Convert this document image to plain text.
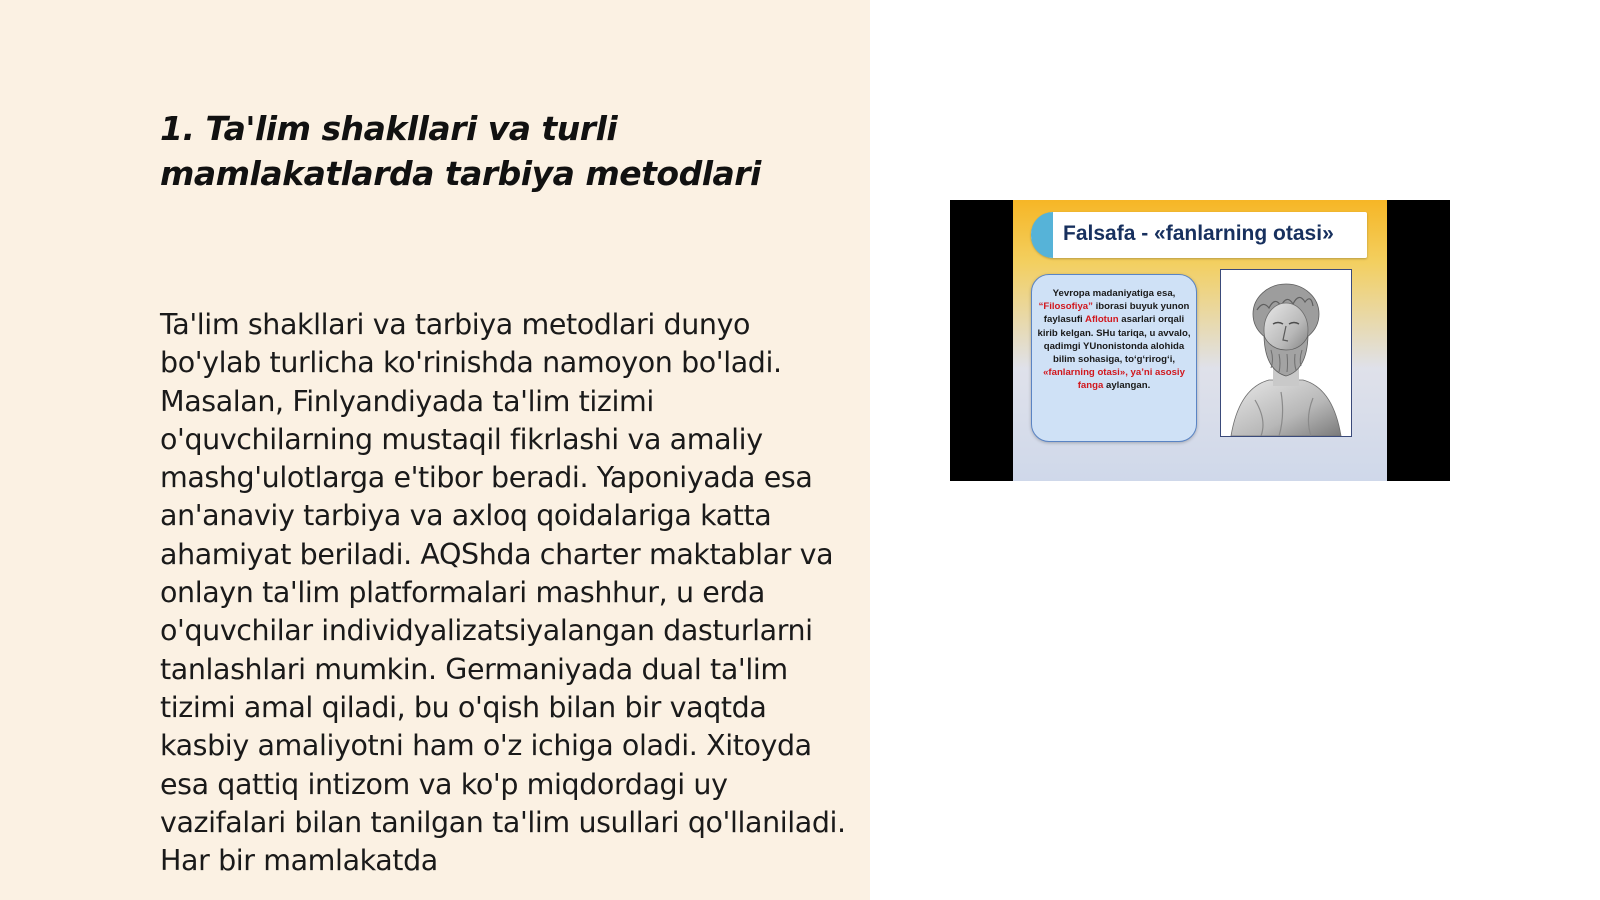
1. Ta'lim shakllari va turli mamlakatlarda tarbiya metodlari

Ta'lim shakllari va tarbiya metodlari dunyo bo'ylab turlicha ko'rinishda namoyon bo'ladi. Masalan, Finlyandiyada ta'lim tizimi o'quvchilarning mustaqil fikrlashi va amaliy mashg'ulotlarga e'tibor beradi. Yaponiyada esa an'anaviy tarbiya va axloq qoidalariga katta ahamiyat beriladi. AQShda charter maktablar va onlayn ta'lim platformalari mashhur, u erda o'quvchilar individyalizatsiyalangan dasturlarni tanlashlari mumkin. Germaniyada dual ta'lim tizimi amal qiladi, bu o'qish bilan bir vaqtda kasbiy amaliyotni ham o'z ichiga oladi. Xitoyda esa qattiq intizom va ko'p miqdordagi uy vazifalari bilan tanilgan ta'lim usullari qo'llaniladi. Har bir mamlakatda

Falsafa - «fanlarning otasi»

Yevropa madaniyatiga esa, “Filosofiya” iborasi buyuk yunon faylasufi Aflotun asarlari orqali kirib kelgan. SHu tariqa, u avvalo, qadimgi YUnonistonda alohida bilim sohasiga, to‘g‘rirog‘i, «fanlarning otasi», ya’ni asosiy fanga aylangan.
